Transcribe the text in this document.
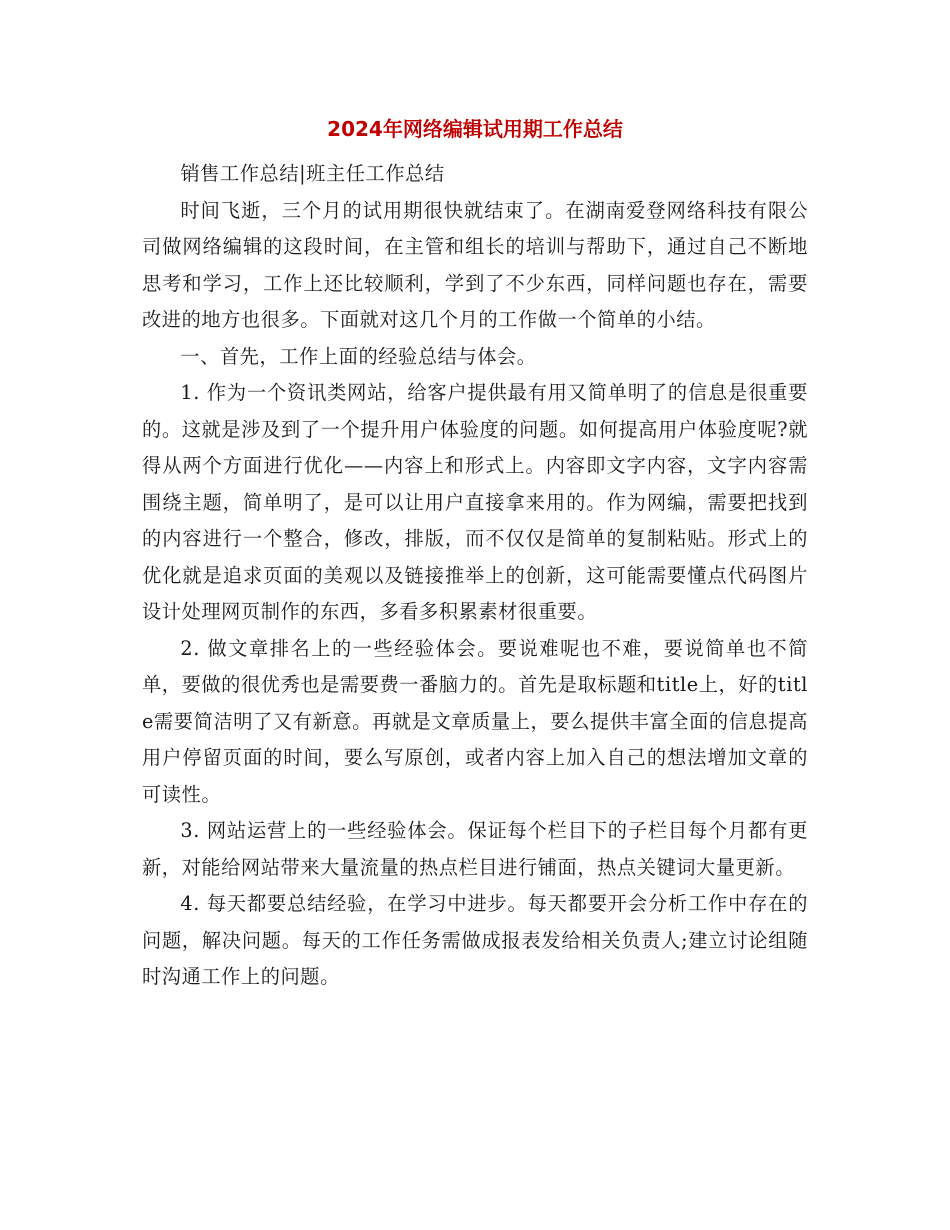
2024年网络编辑试用期工作总结

销售工作总结|班主任工作总结

时间飞逝，三个月的试用期很快就结束了。在湖南爱登网络科技有限公司做网络编辑的这段时间，在主管和组长的培训与帮助下，通过自己不断地思考和学习，工作上还比较顺利，学到了不少东西，同样问题也存在，需要改进的地方也很多。下面就对这几个月的工作做一个简单的小结。

一、首先，工作上面的经验总结与体会。

1. 作为一个资讯类网站，给客户提供最有用又简单明了的信息是很重要的。这就是涉及到了一个提升用户体验度的问题。如何提高用户体验度呢?就得从两个方面进行优化——内容上和形式上。内容即文字内容，文字内容需围绕主题，简单明了，是可以让用户直接拿来用的。作为网编，需要把找到的内容进行一个整合，修改，排版，而不仅仅是简单的复制粘贴。形式上的优化就是追求页面的美观以及链接推举上的创新，这可能需要懂点代码图片设计处理网页制作的东西，多看多积累素材很重要。

2. 做文章排名上的一些经验体会。要说难呢也不难，要说简单也不简单，要做的很优秀也是需要费一番脑力的。首先是取标题和title上，好的title需要简洁明了又有新意。再就是文章质量上，要么提供丰富全面的信息提高用户停留页面的时间，要么写原创，或者内容上加入自己的想法增加文章的可读性。

3. 网站运营上的一些经验体会。保证每个栏目下的子栏目每个月都有更新，对能给网站带来大量流量的热点栏目进行铺面，热点关键词大量更新。

4. 每天都要总结经验，在学习中进步。每天都要开会分析工作中存在的问题，解决问题。每天的工作任务需做成报表发给相关负责人;建立讨论组随时沟通工作上的问题。
